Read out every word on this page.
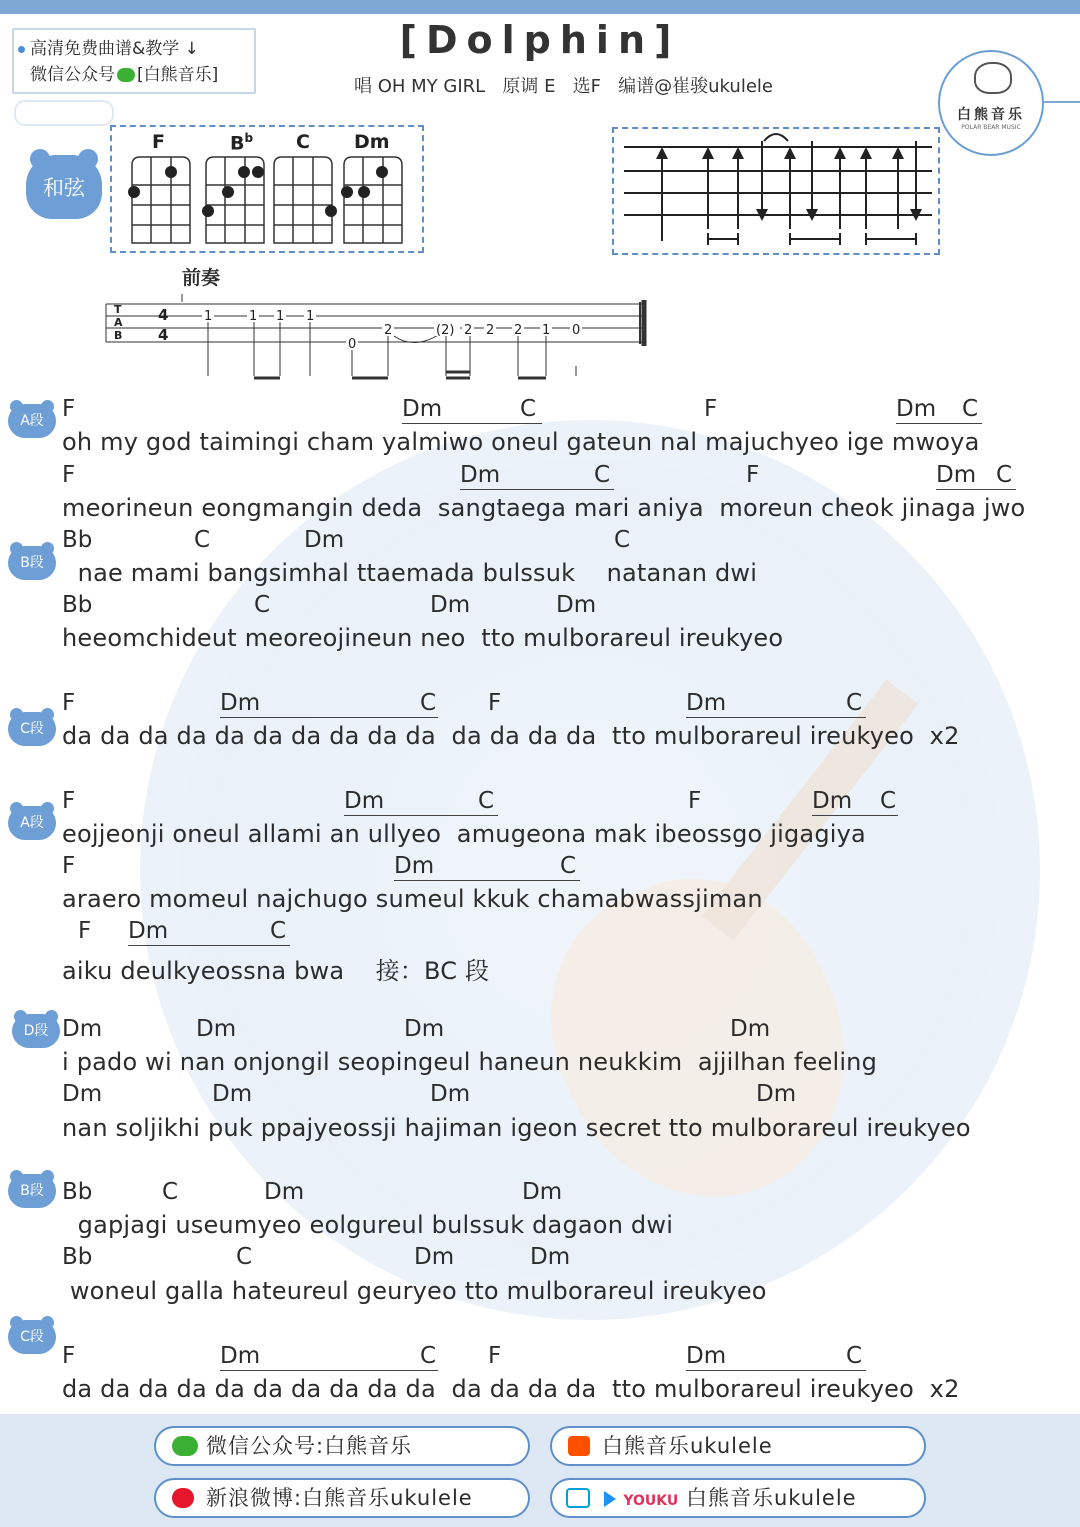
高清免费曲谱&教学 ↓
微信公众号 [白熊音乐]
[Dolphin]
唱 OH MY GIRL   原调 E   选F   编谱@崔骏ukulele
白熊音乐
POLAR BEAR MUSIC
和弦
F	$B^b$ C Dm
前奏
T
A
B
4
4
1	1 1 1
0
2	(2) 2 2 2 1 0
A段
B段
C段
A段
D段
B段
C段
F	Dm	C	F	Dm C
oh my god taimingi cham yalmiwo oneul gateun nal majuchyeo ige mwoya
F	Dm	C	F	Dm C
meorineun eongmangin deda  sangtaega mari aniya  moreun cheok jinaga jwo
Bb	C	Dm	C
nae mami bangsimhal ttaemada bulssuk    natanan dwi
Bb	C	Dm	Dm
heeomchideut meoreojineun neo  tto mulborareul ireukyeo
F	Dm	C F	Dm	C
da da da da da da da da da da  da da da da  tto mulborareul ireukyeo  x2
F	Dm	C	F	Dm C
eojjeonji oneul allami an ullyeo  amugeona mak ibeossgo jigagiya
F	Dm	C
araero momeul najchugo sumeul kkuk chamabwassjiman
F Dm	C
aiku deulkyeossna bwa    接：BC 段
Dm	Dm	Dm	Dm
i pado wi nan onjongil seopingeul haneun neukkim  ajjilhan feeling
Dm	Dm	Dm	Dm
nan soljikhi puk ppajyeossji hajiman igeon secret tto mulborareul ireukyeo
Bb	C	Dm	Dm
gapjagi useumyeo eolgureul bulssuk dagaon dwi
Bb	C	Dm	Dm
woneul galla hateureul geuryeo tto mulborareul ireukyeo
F	Dm	C F	Dm	C
da da da da da da da da da da  da da da da  tto mulborareul ireukyeo  x2
微信公众号:白熊音乐	白熊音乐ukulele
新浪微博:白熊音乐ukulele	YOUKU 白熊音乐ukulele
